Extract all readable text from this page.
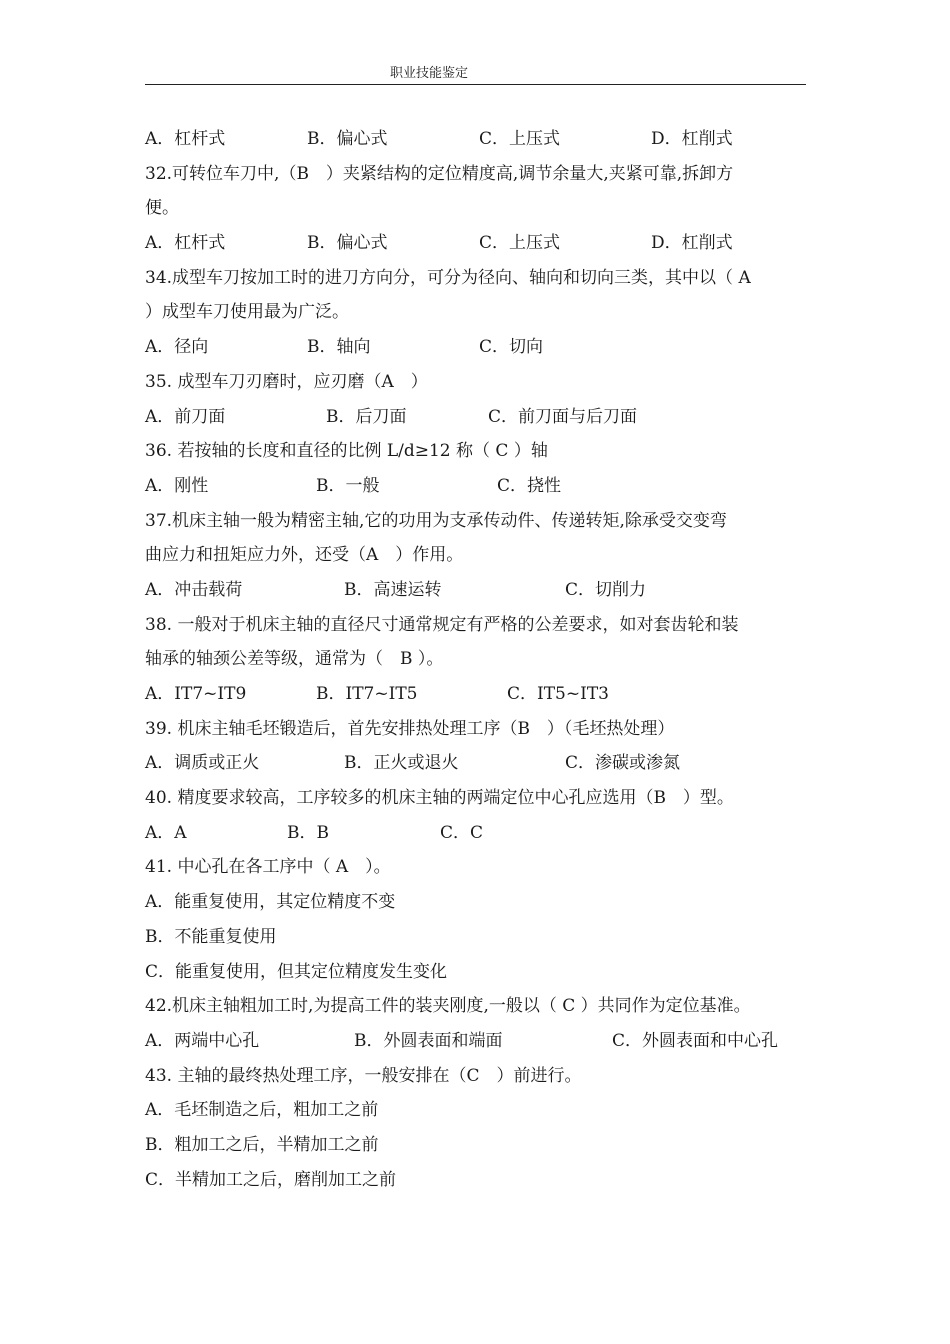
职业技能鉴定
A．杠杆式	B．偏心式	C．上压式	D．杠削式
32.可转位车刀中,（B　）夹紧结构的定位精度高,调节余量大,夹紧可靠,拆卸方
便。
A．杠杆式	B．偏心式	C．上压式	D．杠削式
34.成型车刀按加工时的进刀方向分，可分为径向、轴向和切向三类，其中以（ A
）成型车刀使用最为广泛。
A．径向	B．轴向	C．切向
35. 成型车刀刃磨时，应刃磨（A　）
A．前刀面	B．后刀面	C．前刀面与后刀面
36. 若按轴的长度和直径的比例 L/d≥12 称（ C ）轴
A．刚性	B．一般	C．挠性
37.机床主轴一般为精密主轴,它的功用为支承传动件、传递转矩,除承受交变弯
曲应力和扭矩应力外，还受（A　）作用。
A．冲击载荷	B．高速运转	C．切削力
38. 一般对于机床主轴的直径尺寸通常规定有严格的公差要求，如对套齿轮和装
轴承的轴颈公差等级，通常为（　B ）。
A．IT7~IT9	B．IT7~IT5	C．IT5~IT3
39. 机床主轴毛坯锻造后，首先安排热处理工序（B　）（毛坯热处理）
A．调质或正火	B．正火或退火	C．渗碳或渗氮
40. 精度要求较高，工序较多的机床主轴的两端定位中心孔应选用（B　）型。
A．A	B．B	C．C
41. 中心孔在各工序中（ A　）。
A．能重复使用，其定位精度不变
B．不能重复使用
C．能重复使用，但其定位精度发生变化
42.机床主轴粗加工时,为提高工件的装夹刚度,一般以（ C ）共同作为定位基准。
A．两端中心孔	B．外圆表面和端面	C．外圆表面和中心孔
43. 主轴的最终热处理工序，一般安排在（C　）前进行。
A．毛坯制造之后，粗加工之前
B．粗加工之后，半精加工之前
C．半精加工之后，磨削加工之前
